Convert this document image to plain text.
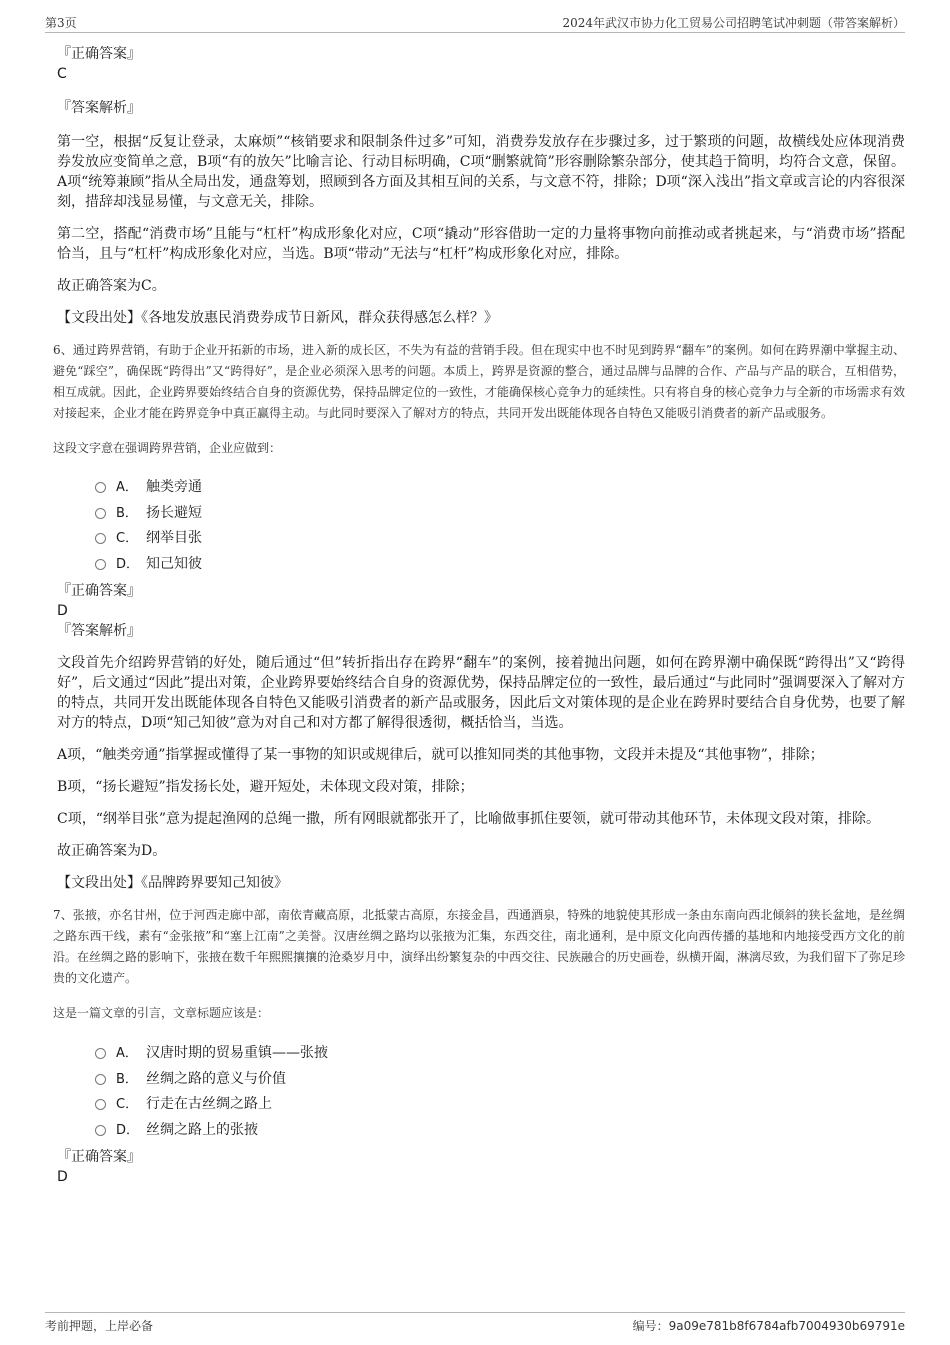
第3页	2024年武汉市协力化工贸易公司招聘笔试冲刺题（带答案解析）

『正确答案』

C

『答案解析』

第一空，根据“反复让登录，太麻烦”“核销要求和限制条件过多”可知，消费券发放存在步骤过多，过于繁琐的问题，故横线处应体现消费券发放应变简单之意，B项“有的放矢”比喻言论、行动目标明确，C项“删繁就简”形容删除繁杂部分，使其趋于简明，均符合文意，保留。A项“统筹兼顾”指从全局出发，通盘筹划，照顾到各方面及其相互间的关系，与文意不符，排除；D项“深入浅出”指文章或言论的内容很深刻，措辞却浅显易懂，与文意无关，排除。

第二空，搭配“消费市场”且能与“杠杆”构成形象化对应，C项“撬动”形容借助一定的力量将事物向前推动或者挑起来，与“消费市场”搭配恰当，且与“杠杆”构成形象化对应，当选。B项“带动”无法与“杠杆”构成形象化对应，排除。

故正确答案为C。

【文段出处】《各地发放惠民消费券成节日新风，群众获得感怎么样？》

6、通过跨界营销，有助于企业开拓新的市场，进入新的成长区，不失为有益的营销手段。但在现实中也不时见到跨界“翻车”的案例。如何在跨界潮中掌握主动、避免“踩空”，确保既“跨得出”又“跨得好”，是企业必须深入思考的问题。本质上，跨界是资源的整合，通过品牌与品牌的合作、产品与产品的联合，互相借势，相互成就。因此，企业跨界要始终结合自身的资源优势，保持品牌定位的一致性，才能确保核心竞争力的延续性。只有将自身的核心竞争力与全新的市场需求有效对接起来，企业才能在跨界竞争中真正赢得主动。与此同时要深入了解对方的特点，共同开发出既能体现各自特色又能吸引消费者的新产品或服务。

这段文字意在强调跨界营销，企业应做到：

A． 触类旁通
B． 扬长避短
C． 纲举目张
D． 知己知彼

『正确答案』

D

『答案解析』

文段首先介绍跨界营销的好处，随后通过“但”转折指出存在跨界“翻车”的案例，接着抛出问题，如何在跨界潮中确保既“跨得出”又“跨得好”，后文通过“因此”提出对策，企业跨界要始终结合自身的资源优势，保持品牌定位的一致性，最后通过“与此同时”强调要深入了解对方的特点，共同开发出既能体现各自特色又能吸引消费者的新产品或服务，因此后文对策体现的是企业在跨界时要结合自身优势，也要了解对方的特点，D项“知己知彼”意为对自己和对方都了解得很透彻，概括恰当，当选。

A项，“触类旁通”指掌握或懂得了某一事物的知识或规律后，就可以推知同类的其他事物，文段并未提及“其他事物”，排除；

B项，“扬长避短”指发扬长处，避开短处，未体现文段对策，排除；

C项，“纲举目张”意为提起渔网的总绳一撒，所有网眼就都张开了，比喻做事抓住要领，就可带动其他环节，未体现文段对策，排除。

故正确答案为D。

【文段出处】《品牌跨界要知己知彼》

7、张掖，亦名甘州，位于河西走廊中部，南依青藏高原，北抵蒙古高原，东接金昌，西通酒泉，特殊的地貌使其形成一条由东南向西北倾斜的狭长盆地，是丝绸之路东西干线，素有“金张掖”和“塞上江南”之美誉。汉唐丝绸之路均以张掖为汇集，东西交往，南北通利，是中原文化向西传播的基地和内地接受西方文化的前沿。在丝绸之路的影响下，张掖在数千年熙熙攘攘的沧桑岁月中，演绎出纷繁复杂的中西交往、民族融合的历史画卷，纵横开阖，淋漓尽致，为我们留下了弥足珍贵的文化遗产。

这是一篇文章的引言，文章标题应该是：

A． 汉唐时期的贸易重镇——张掖
B． 丝绸之路的意义与价值
C． 行走在古丝绸之路上
D． 丝绸之路上的张掖

『正确答案』

D

考前押题，上岸必备	编号：9a09e781b8f6784afb7004930b69791e
